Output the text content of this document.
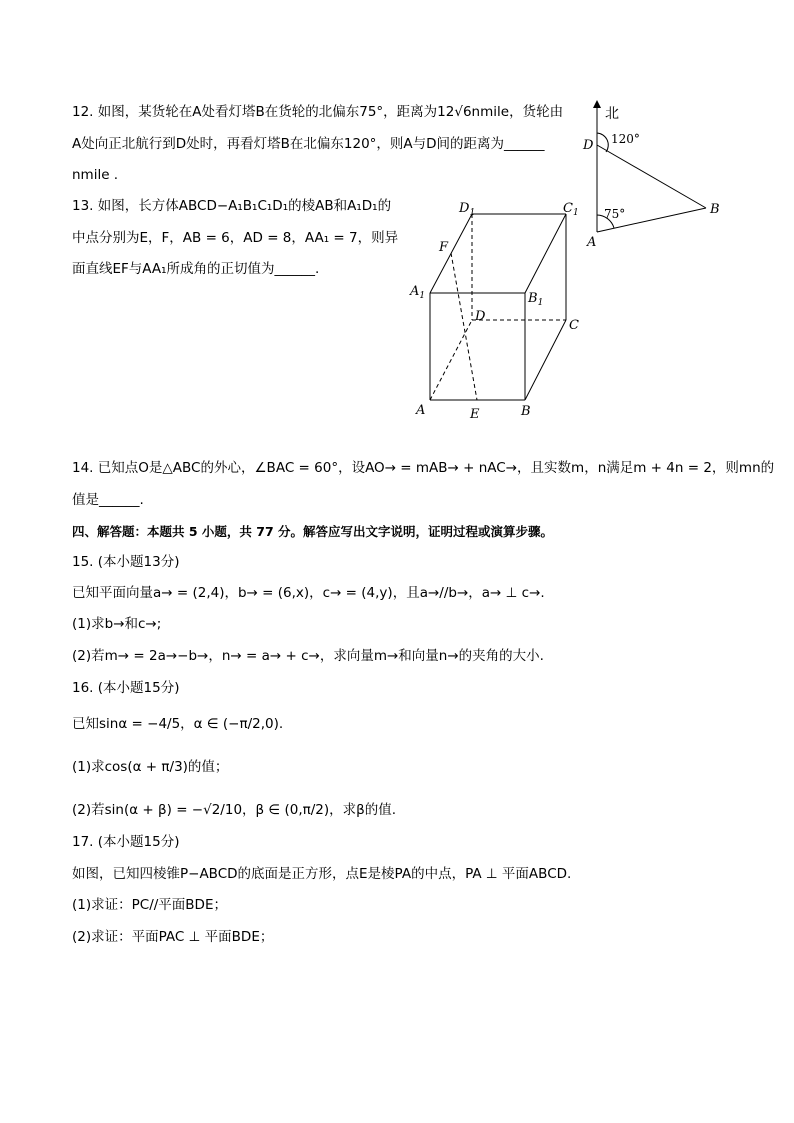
12. 如图，某货轮在A处看灯塔B在货轮的北偏东75°，距离为12√6nmile，货轮由
A处向正北航行到D处时，再看灯塔B在北偏东120°，则A与D间的距离为______
nmile .
13. 如图，长方体ABCD−A₁B₁C₁D₁的棱AB和A₁D₁的
中点分别为E，F，AB = 6，AD = 8，AA₁ = 7，则异
面直线EF与AA₁所成角的正切值为______.
14. 已知点O是△ABC的外心，∠BAC = 60°，设AO→ = mAB→ + nAC→，且实数m，n满足m + 4n = 2，则mn的
值是______.
四、解答题：本题共 5 小题，共 77 分。解答应写出文字说明，证明过程或演算步骤。
15. (本小题13分)
已知平面向量a→ = (2,4)，b→ = (6,x)，c→ = (4,y)，且a→//b→，a→ ⊥ c→.
(1)求b→和c→;
(2)若m→ = 2a→−b→，n→ = a→ + c→，求向量m→和向量n→的夹角的大小.
16. (本小题15分)
已知sinα = −4/5，α ∈ (−π/2,0).
(1)求cos(α + π/3)的值；
(2)若sin(α + β) = −√2/10，β ∈ (0,π/2)，求β的值.
17. (本小题15分)
如图，已知四棱锥P−ABCD的底面是正方形，点E是棱PA的中点，PA ⊥ 平面ABCD.
(1)求证：PC//平面BDE；
(2)求证：平面PAC ⊥ 平面BDE；
北
120°
75°
D
A
B
$D_1$	$C_1$
F
$A_1$	$B_1$
D
C
A	E	B
